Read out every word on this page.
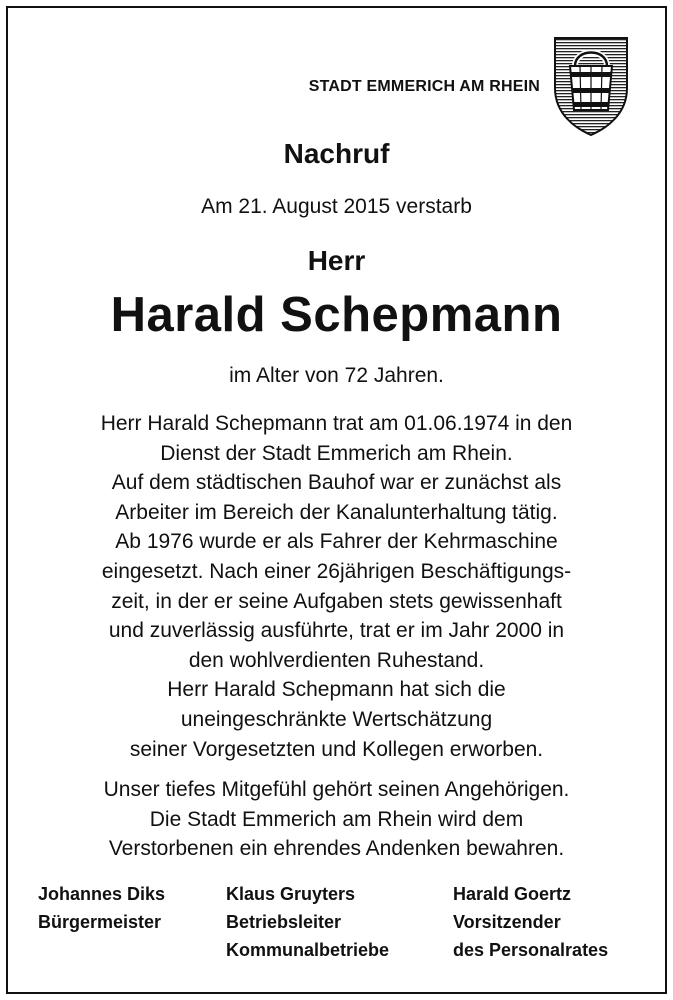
STADT EMMERICH AM RHEIN
Nachruf
Am 21. August 2015 verstarb
Herr
Harald Schepmann
im Alter von 72 Jahren.
Herr Harald Schepmann trat am 01.06.1974 in den
Dienst der Stadt Emmerich am Rhein.
Auf dem städtischen Bauhof war er zunächst als
Arbeiter im Bereich der Kanalunterhaltung tätig.
Ab 1976 wurde er als Fahrer der Kehrmaschine
eingesetzt. Nach einer 26jährigen Beschäftigungs-
zeit, in der er seine Aufgaben stets gewissenhaft
und zuverlässig ausführte, trat er im Jahr 2000 in
den wohlverdienten Ruhestand.
Herr Harald Schepmann hat sich die
uneingeschränkte Wertschätzung
seiner Vorgesetzten und Kollegen erworben.
Unser tiefes Mitgefühl gehört seinen Angehörigen.
Die Stadt Emmerich am Rhein wird dem
Verstorbenen ein ehrendes Andenken bewahren.
Johannes Diks
Bürgermeister
Klaus Gruyters
Betriebsleiter
Kommunalbetriebe
Harald Goertz
Vorsitzender
des Personalrates
